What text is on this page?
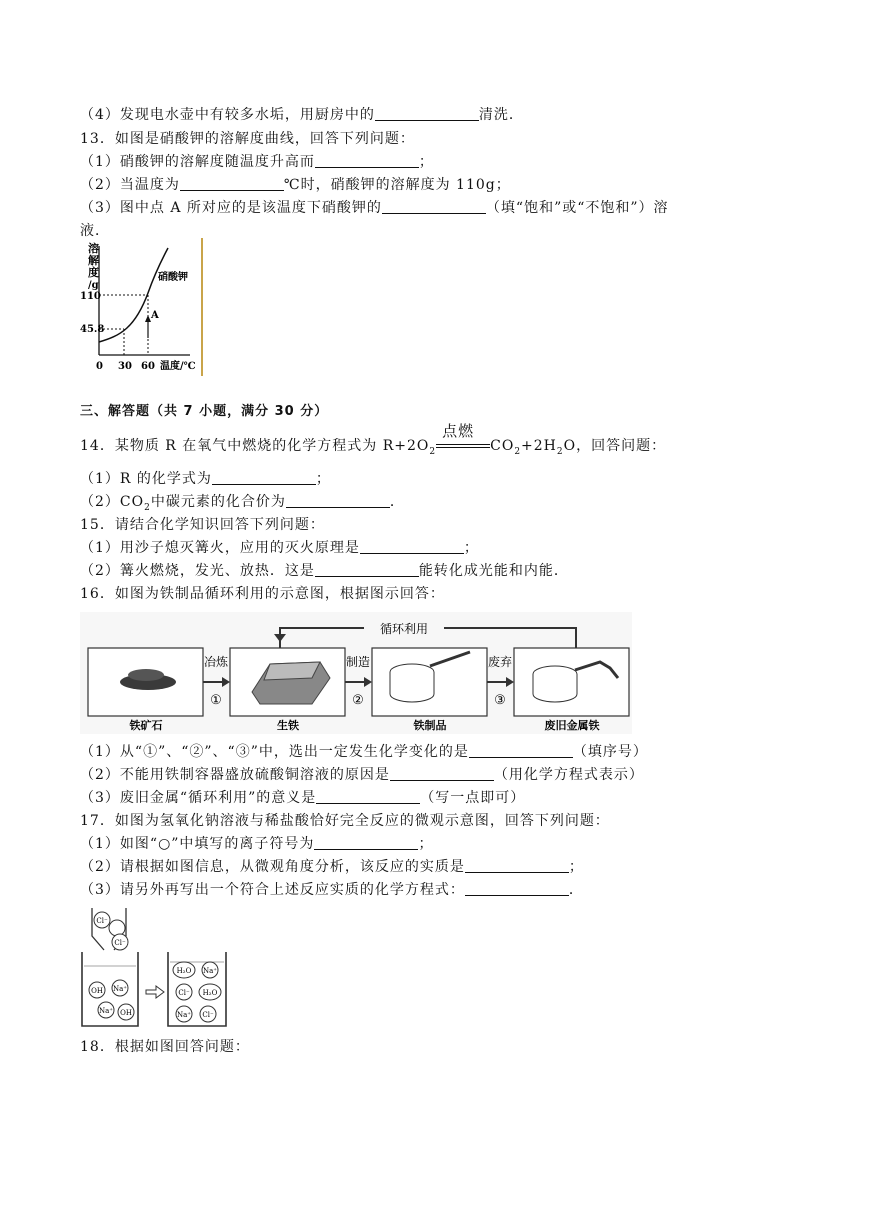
（4）发现电水壶中有较多水垢，用厨房中的	清洗．
13．如图是硝酸钾的溶解度曲线，回答下列问题：
（1）硝酸钾的溶解度随温度升高而	；
（2）当温度为	℃时，硝酸钾的溶解度为 110g；
（3）图中点 A 所对应的是该温度下硝酸钾的	（填“饱和”或“不饱和”）溶
液．
溶
解
度
/g
A
硝酸钾
110
45.8
0 30 60 温度/℃
三、解答题（共 7 小题，满分 30 分）
14．某物质 R 在氧气中燃烧的化学方程式为 $R+2O_2$
点燃
$CO_2+2H_2O$，回答问题：
（1）R 的化学式为	；
$(2)CO_2$中碳元素的化合价为	．
15．请结合化学知识回答下列问题：
（1）用沙子熄灭篝火，应用的灭火原理是	；
（2）篝火燃烧，发光、放热．这是	能转化成光能和内能．
16．如图为铁制品循环利用的示意图，根据图示回答：
循环利用
铁矿石	生铁	铁制品	废旧金属铁
冶炼
①
制造
②
废弃
③
（1）从“①”、“②”、“③”中，选出一定发生化学变化的是	（填序号）
（2）不能用铁制容器盛放硫酸铜溶液的原因是	（用化学方程式表示）
（3）废旧金属“循环利用”的意义是	（写一点即可）
17．如图为氢氧化钠溶液与稀盐酸恰好完全反应的微观示意图，回答下列问题：
（1）如图“○”中填写的离子符号为	；
（2）请根据如图信息，从微观角度分析，该反应的实质是	；
（3）请另外再写出一个符合上述反应实质的化学方程式：	．
Cl⁻
Cl⁻
OH Na⁺
Na⁺ OH
H₂O Na⁺
Cl⁻ H₂O
Na⁺ Cl⁻
18．根据如图回答问题：
